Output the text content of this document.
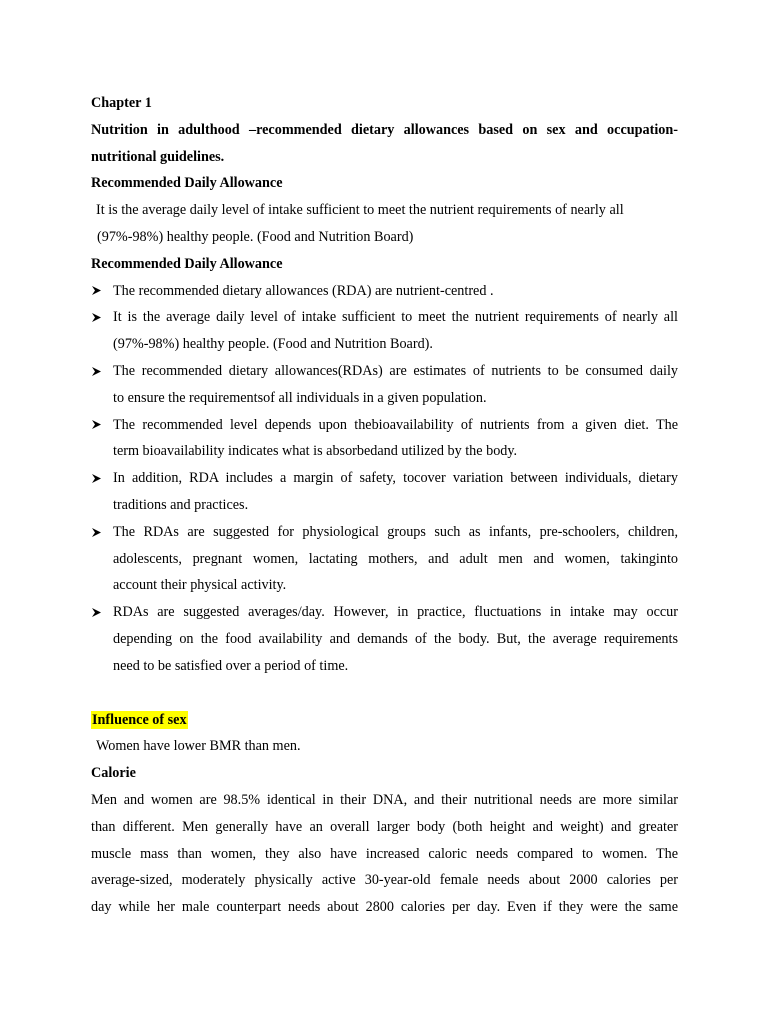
Chapter 1
Nutrition in adulthood –recommended dietary allowances based on sex and occupation-
nutritional guidelines.
Recommended Daily Allowance
It is the average daily level of intake sufficient to meet the nutrient requirements of nearly all
(97%-98%) healthy people. (Food and Nutrition Board)
Recommended Daily Allowance
The recommended dietary allowances (RDA) are nutrient-centred .
It is the average daily level of intake sufficient to meet the nutrient requirements of nearly all
(97%-98%) healthy people. (Food and Nutrition Board).
The recommended dietary allowances(RDAs) are estimates of nutrients to be consumed daily
to ensure the requirementsof all individuals in a given population.
The recommended level depends upon thebioavailability of nutrients from a given diet. The
term bioavailability indicates what is absorbedand utilized by the body.
In addition, RDA includes a margin of safety, tocover variation between individuals, dietary
traditions and practices.
The RDAs are suggested for physiological groups such as infants, pre-schoolers, children,
adolescents, pregnant women, lactating mothers, and adult men and women, takinginto
account their physical activity.
RDAs are suggested averages/day. However, in practice, fluctuations in intake may occur
depending on the food availability and demands of the body. But, the average requirements
need to be satisfied over a period of time.
Influence of sex
Women have lower BMR than men.
Calorie
Men and women are 98.5% identical in their DNA, and their nutritional needs are more similar
than different. Men generally have an overall larger body (both height and weight) and greater
muscle mass than women, they also have increased caloric needs compared to women. The
average-sized, moderately physically active 30-year-old female needs about 2000 calories per
day while her male counterpart needs about 2800 calories per day. Even if they were the same
